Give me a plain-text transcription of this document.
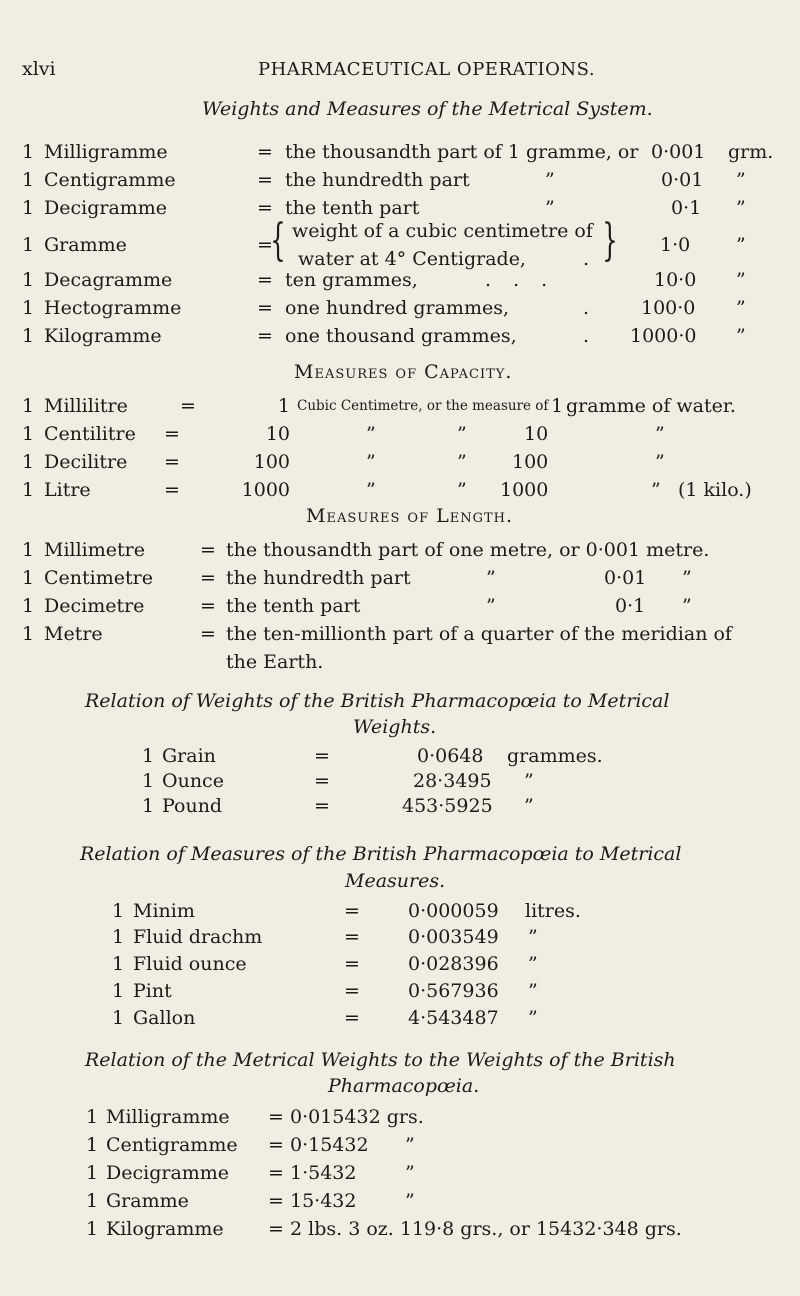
xlvi	PHARMACEUTICAL OPERATIONS.
Weights and Measures of the Metrical System.
1 Milligramme	= the thousandth part of 1 gramme, or 0·001 grm.
1 Centigramme	= the hundredth part	”	0·01 ”
1 Decigramme	= the tenth part	”	0·1 ”
1 Gramme	=
{ weight of a cubic centimetre of
water at 4° Centigrade,	. } 1·0 ”
1 Decagramme	= ten grammes,	. . .	10·0 ”
1 Hectogramme	= one hundred grammes,	.	100·0 ”
1 Kilogramme	= one thousand grammes,	. 1000·0 ”
Measures of Capacity.
1 Millilitre	=	1 Cubic Centimetre, or the measure of 1 gramme of water.
1 Centilitre =	10	”	”	10	”
1 Decilitre =	100	”	” 100	”
1 Litre	=	1000	”	” 1000	” (1 kilo.)
Measures of Length.
1 Millimetre	= the thousandth part of one metre, or 0·001 metre.
1 Centimetre = the hundredth part	”	0·01 ”
1 Decimetre	= the tenth part	”	0·1 ”
1 Metre	= the ten-millionth part of a quarter of the meridian of
the Earth.
Relation of Weights of the British Pharmacopœia to Metrical
Weights.
1 Grain	=	0·0648 grammes.
1 Ounce	=	28·3495 ”
1 Pound	=	453·5925 ”
Relation of Measures of the British Pharmacopœia to Metrical
Measures.
1 Minim	=	0·000059 litres.
1 Fluid drachm	=	0·003549 ”
1 Fluid ounce	=	0·028396 ”
1 Pint	=	0·567936 ”
1 Gallon	=	4·543487 ”
Relation of the Metrical Weights to the Weights of the British
Pharmacopœia.
1 Milligramme = 0·015432 grs.
1 Centigramme = 0·15432 ”
1 Decigramme = 1·5432	”
1 Gramme	= 15·432	”
1 Kilogramme = 2 lbs. 3 oz. 119·8 grs., or 15432·348 grs.
